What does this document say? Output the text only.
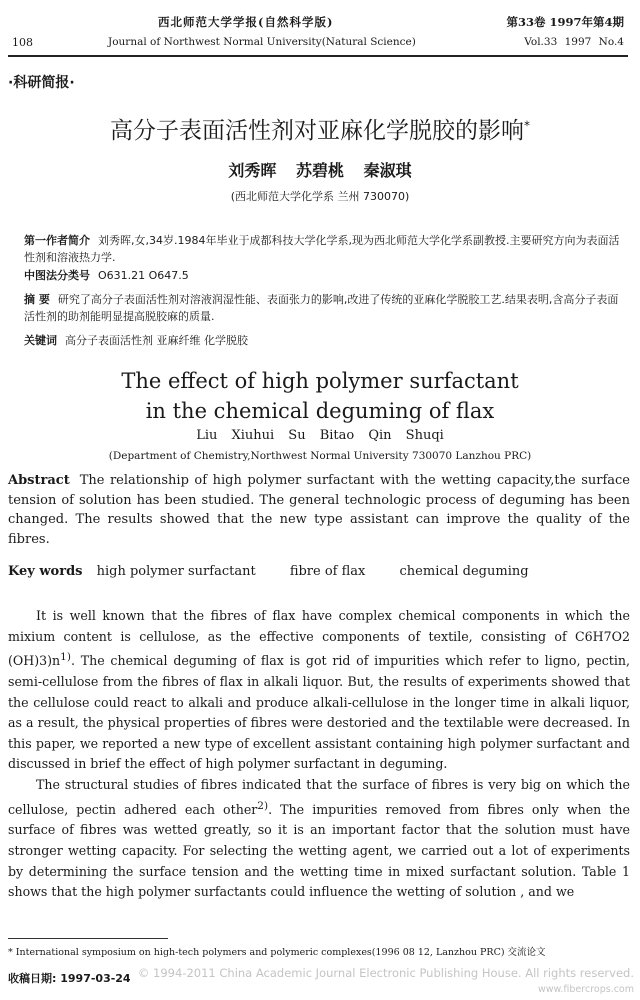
西北师范大学学报(自然科学版)	第33卷 1997年第4期
108	Journal of Northwest Normal University(Natural Science)	Vol.33 1997 No.4
·科研简报·
高分子表面活性剂对亚麻化学脱胶的影响*
刘秀晖 苏碧桃 秦淑琪
(西北师范大学化学系 兰州 730070)
第一作者简介 刘秀晖,女,34岁.1984年毕业于成都科技大学化学系,现为西北师范大学化学系副教授.主要研究方向为表面活性剂和溶液热力学.
中图法分类号 O631.21 O647.5
摘 要 研究了高分子表面活性剂对溶液润湿性能、表面张力的影响,改进了传统的亚麻化学脱胶工艺.结果表明,含高分子表面活性剂的助剂能明显提高脱胶麻的质量.
关键词 高分子表面活性剂 亚麻纤维 化学脱胶
The effect of high polymer surfactant
in the chemical deguming of flax
Liu Xiuhui Su Bitao Qin Shuqi
(Department of Chemistry,Northwest Normal University 730070 Lanzhou PRC)
Abstract The relationship of high polymer surfactant with the wetting capacity,the surface tension of solution has been studied. The general technologic process of deguming has been changed. The results showed that the new type assistant can improve the quality of the fibres.
Key words high polymer surfactant	fibre of flax	chemical deguming

It is well known that the fibres of flax have complex chemical components in which the mixium content is cellulose, as the effective components of textile, consisting of C6H7O2 $(OH)3)n^{1)}$. The chemical deguming of flax is got rid of impurities which refer to ligno, pectin, semi-cellulose from the fibres of flax in alkali liquor. But, the results of experiments showed that the cellulose could react to alkali and produce alkali-cellulose in the longer time in alkali liquor, as a result, the physical properties of fibres were destoried and the textilable were decreased. In this paper, we reported a new type of excellent assistant containing high polymer surfactant and discussed in brief the effect of high polymer surfactant in deguming.

The structural studies of fibres indicated that the surface of fibres is very big on which the cellulose, pectin adhered each other$^{2)}$. The impurities removed from fibres only when the surface of fibres was wetted greatly, so it is an important factor that the solution must have stronger wetting capacity. For selecting the wetting agent, we carried out a lot of experiments by determining the surface tension and the wetting time in mixed surfactant solution. Table 1 shows that the high polymer surfactants could influence the wetting of solution , and we

* International symposium on high-tech polymers and polymeric complexes(1996 08 12, Lanzhou PRC) 交流论文
收稿日期: 1997-03-24 © 1994-2011 China Academic Journal Electronic Publishing House. All rights reserved.
www.fibercrops.com
